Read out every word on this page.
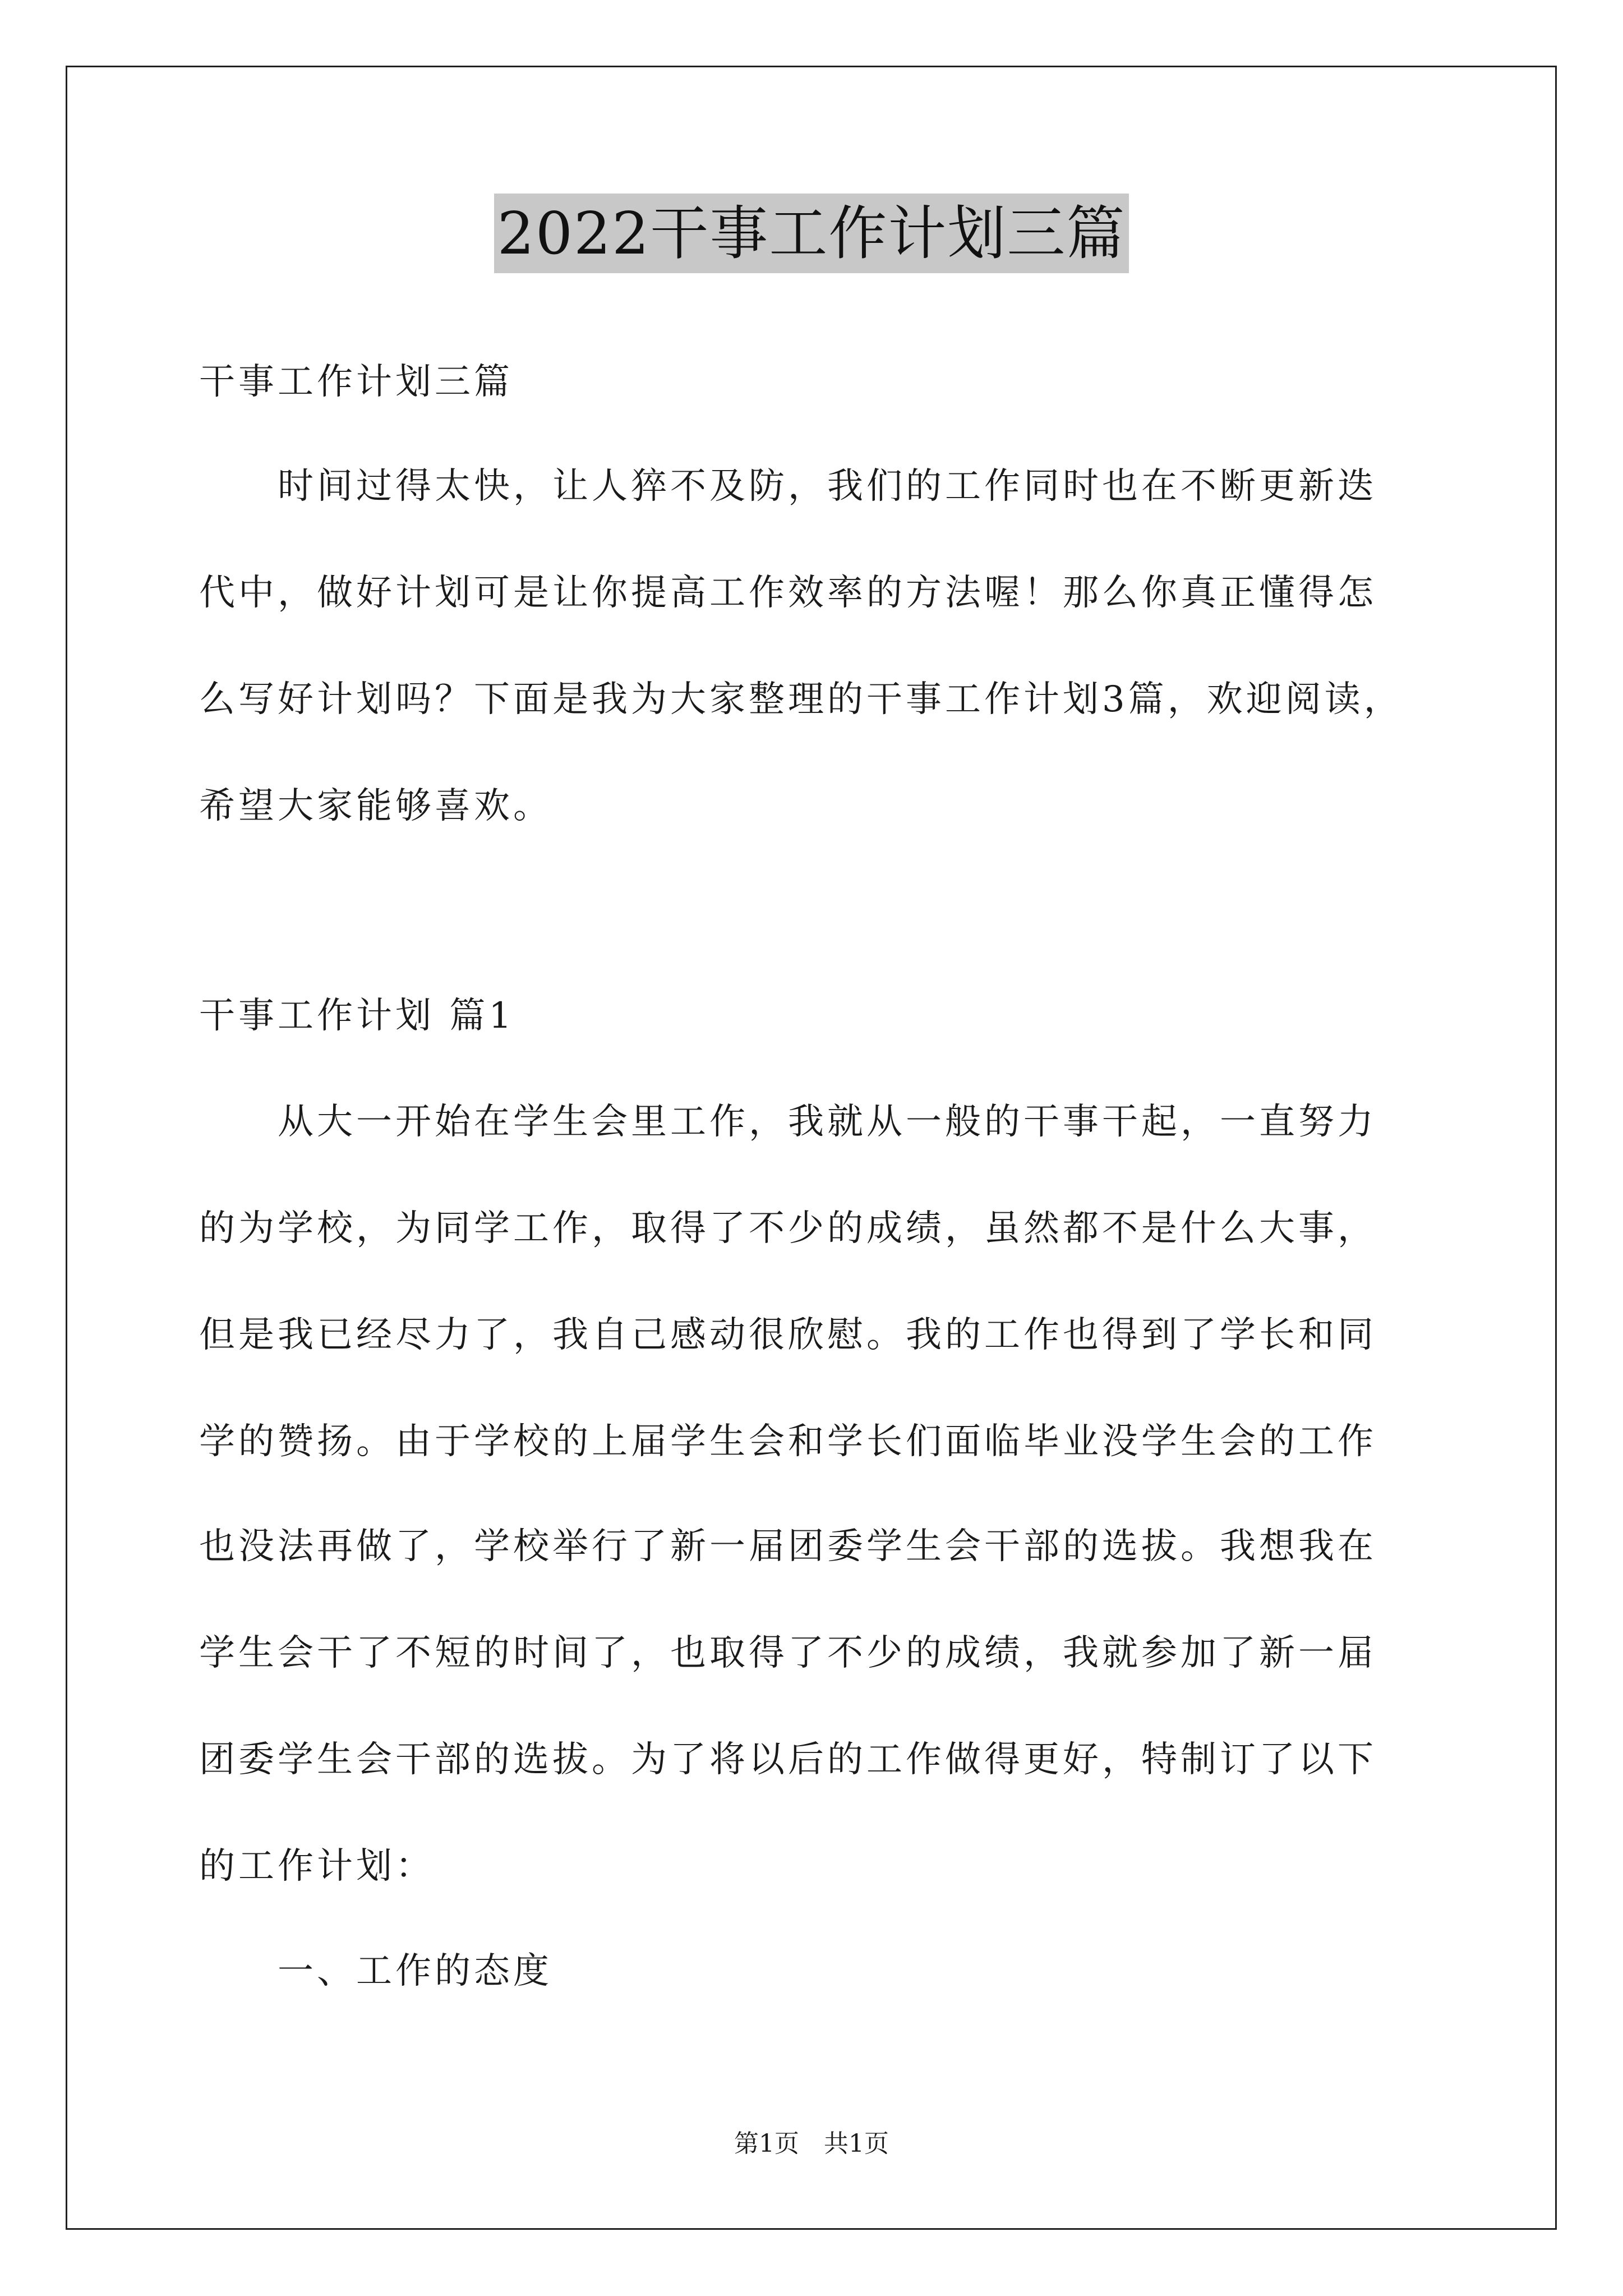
2022干事工作计划三篇
干事工作计划三篇
时间过得太快，让人猝不及防，我们的工作同时也在不断更新迭
代中，做好计划可是让你提高工作效率的方法喔！那么你真正懂得怎
么写好计划吗？下面是我为大家整理的干事工作计划3篇，欢迎阅读，
希望大家能够喜欢。
干事工作计划 篇1
从大一开始在学生会里工作，我就从一般的干事干起，一直努力
的为学校，为同学工作，取得了不少的成绩，虽然都不是什么大事，
但是我已经尽力了，我自己感动很欣慰。我的工作也得到了学长和同
学的赞扬。由于学校的上届学生会和学长们面临毕业没学生会的工作
也没法再做了，学校举行了新一届团委学生会干部的选拔。我想我在
学生会干了不短的时间了，也取得了不少的成绩，我就参加了新一届
团委学生会干部的选拔。为了将以后的工作做得更好，特制订了以下
的工作计划：
一、工作的态度
第1页 共1页
